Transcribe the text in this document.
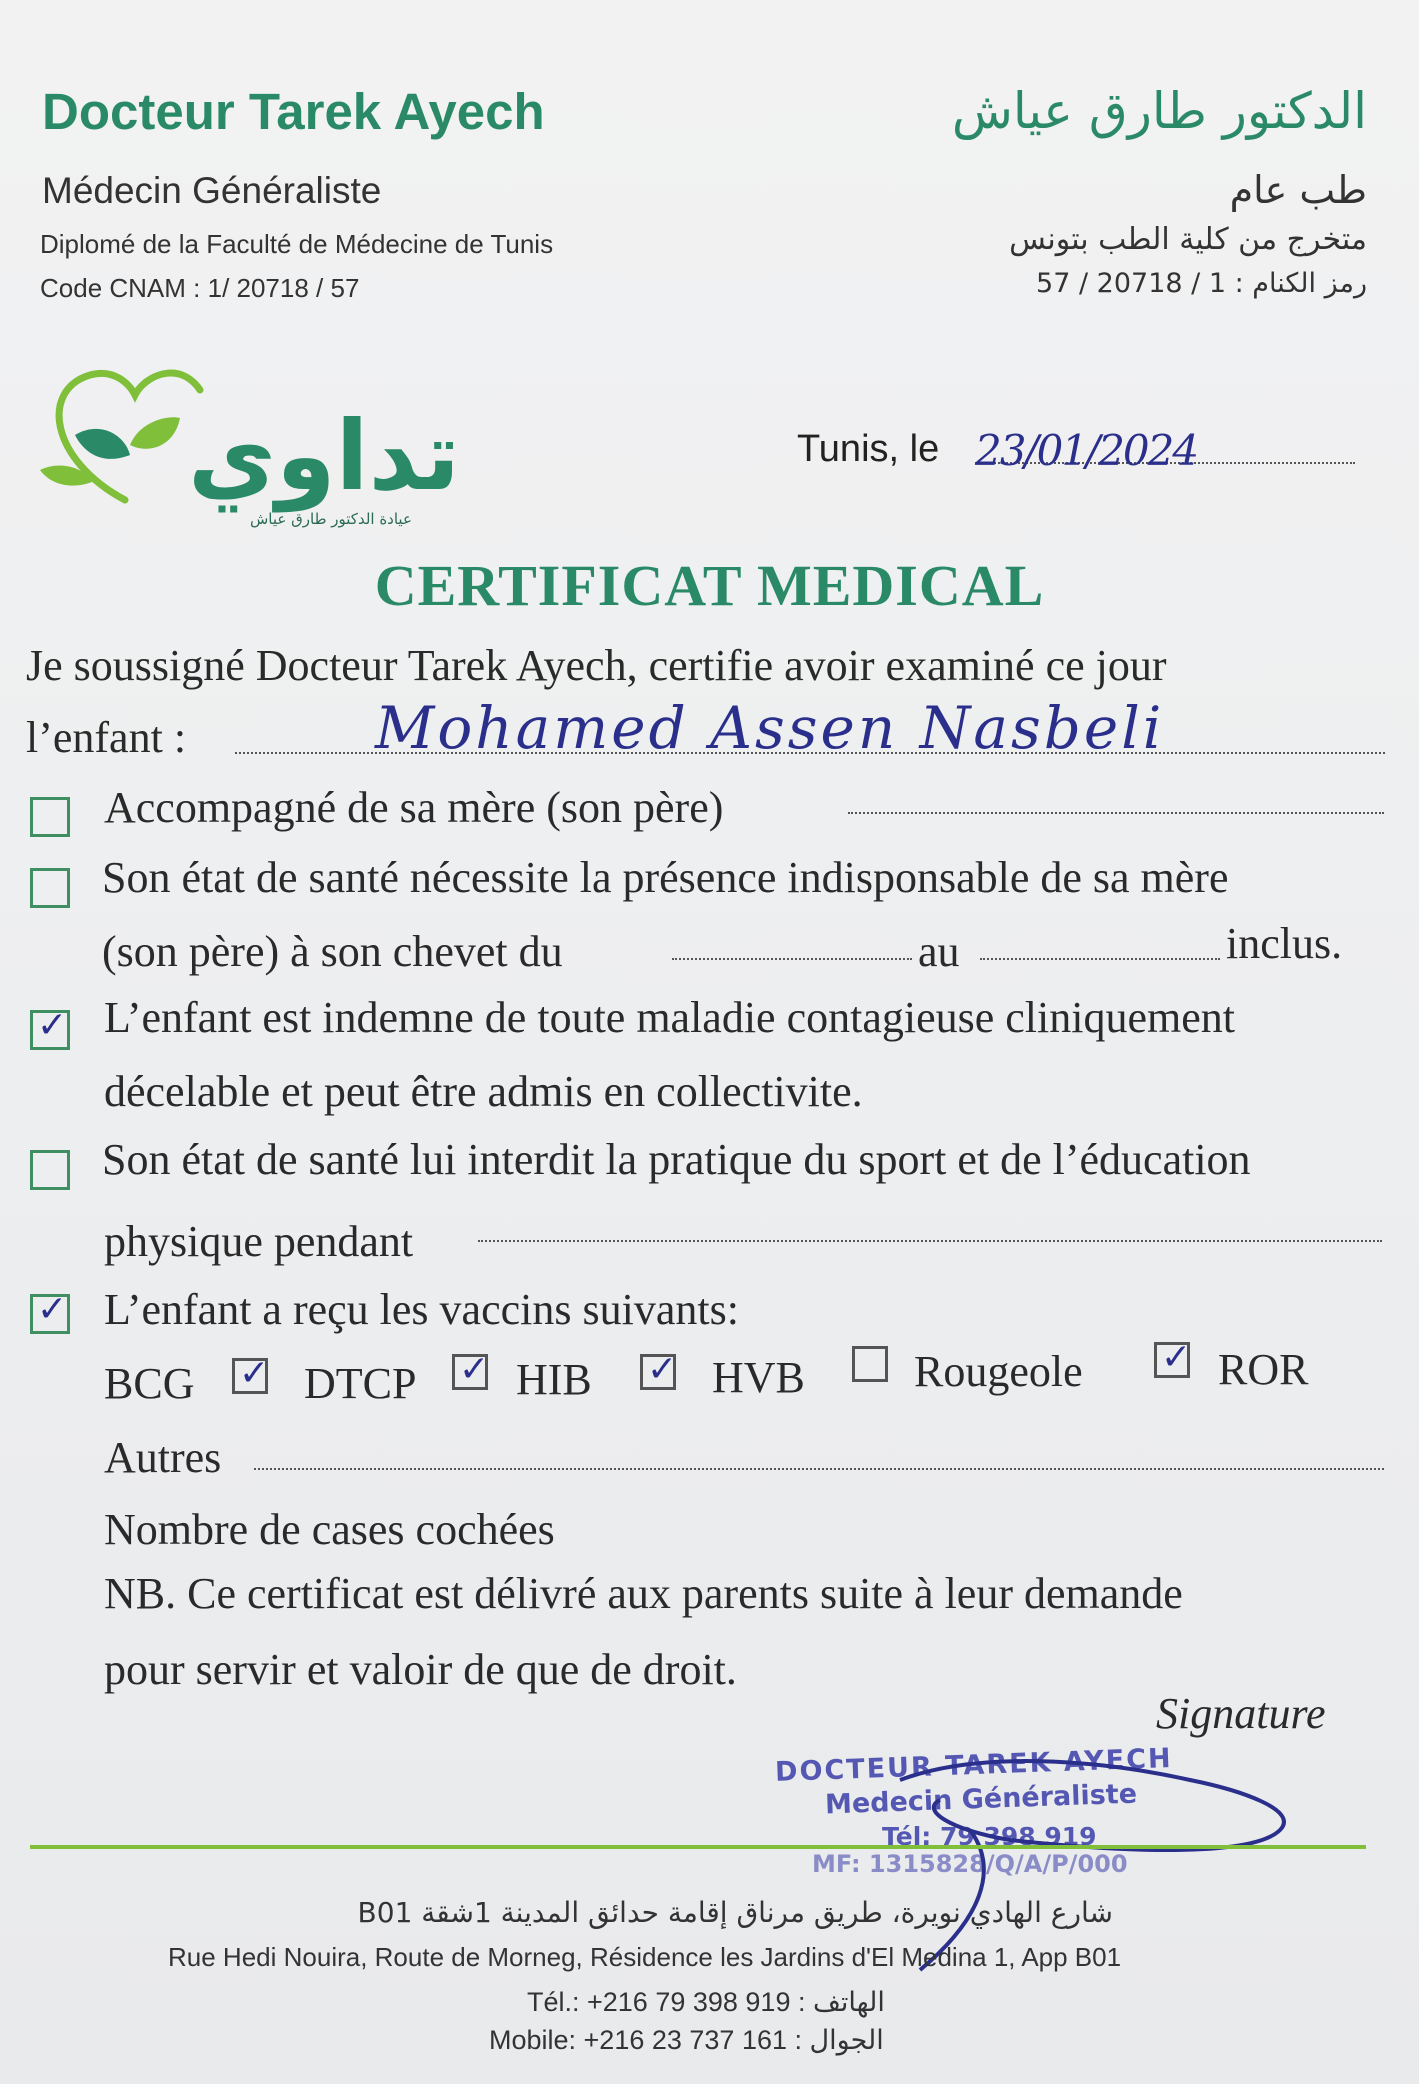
Docteur Tarek Ayech
Médecin Généraliste
Diplomé de la Faculté de Médecine de Tunis
Code CNAM : 1/ 20718 / 57
الدكتور طارق عياش
طب عام
متخرج من كلية الطب بتونس
رمز الكنام : 1 / 20718 / 57
تداوي
عيادة الدكتور طارق عياش
Tunis, le 23/01/2024
CERTIFICAT MEDICAL
Je soussigné Docteur Tarek Ayech, certifie avoir examiné ce jour
l’enfant :	Mohamed Assen Nasbeli
Accompagné de sa mère (son père)
Son état de santé nécessite la présence indisponsable de sa mère
(son père) à son chevet du	au	inclus.
✓ L’enfant est indemne de toute maladie contagieuse cliniquement
décelable et peut être admis en collectivite.
Son état de santé lui interdit la pratique du sport et de l’éducation
physique pendant
✓ L’enfant a reçu les vaccins suivants:
BCG ✓ DTCP ✓ HIB ✓ HVB Rougeole ✓ ROR
Autres
Nombre de cases cochées
NB. Ce certificat est délivré aux parents suite à leur demande
pour servir et valoir de que de droit.
Signature
DOCTEUR TAREK AYECH
Medecin Généraliste
Tél: 79 398 919
MF: 1315828/Q/A/P/000
شارع الهادي نويرة، طريق مرناق إقامة حدائق المدينة 1شقة B01
Rue Hedi Nouira, Route de Morneg, Résidence les Jardins d'El Medina 1, App B01
Tél.: +216 79 398 919 : الهاتف
Mobile: +216 23 737 161 : الجوال
